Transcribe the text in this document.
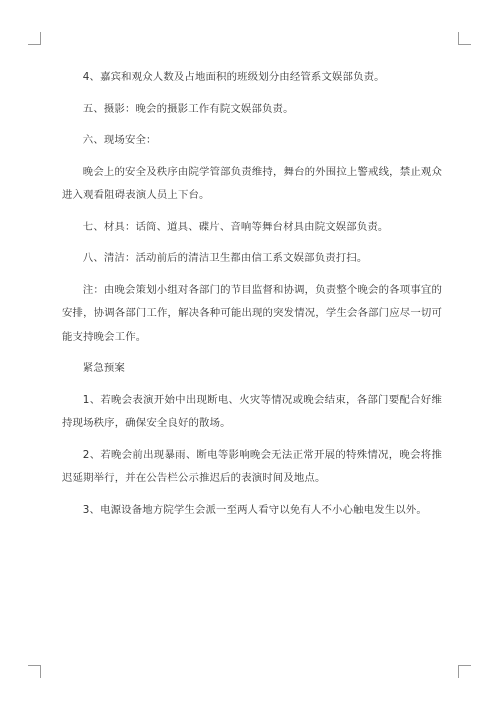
4、嘉宾和观众人数及占地面积的班级划分由经管系文娱部负责。

五、摄影：晚会的摄影工作有院文娱部负责。

六、现场安全：

晚会上的安全及秩序由院学管部负责维持，舞台的外围拉上警戒线，禁止观众进入观看阻碍表演人员上下台。

七、材具：话筒、道具、碟片、音响等舞台材具由院文娱部负责。

八、清洁：活动前后的清洁卫生都由信工系文娱部负责打扫。

注：由晚会策划小组对各部门的节目监督和协调，负责整个晚会的各项事宜的安排，协调各部门工作，解决各种可能出现的突发情况，学生会各部门应尽一切可能支持晚会工作。

紧急预案

1、若晚会表演开始中出现断电、火灾等情况或晚会结束，各部门要配合好维持现场秩序，确保安全良好的散场。

2、若晚会前出现暴雨、断电等影响晚会无法正常开展的特殊情况，晚会将推迟延期举行，并在公告栏公示推迟后的表演时间及地点。

3、电源设备地方院学生会派一至两人看守以免有人不小心触电发生以外。
